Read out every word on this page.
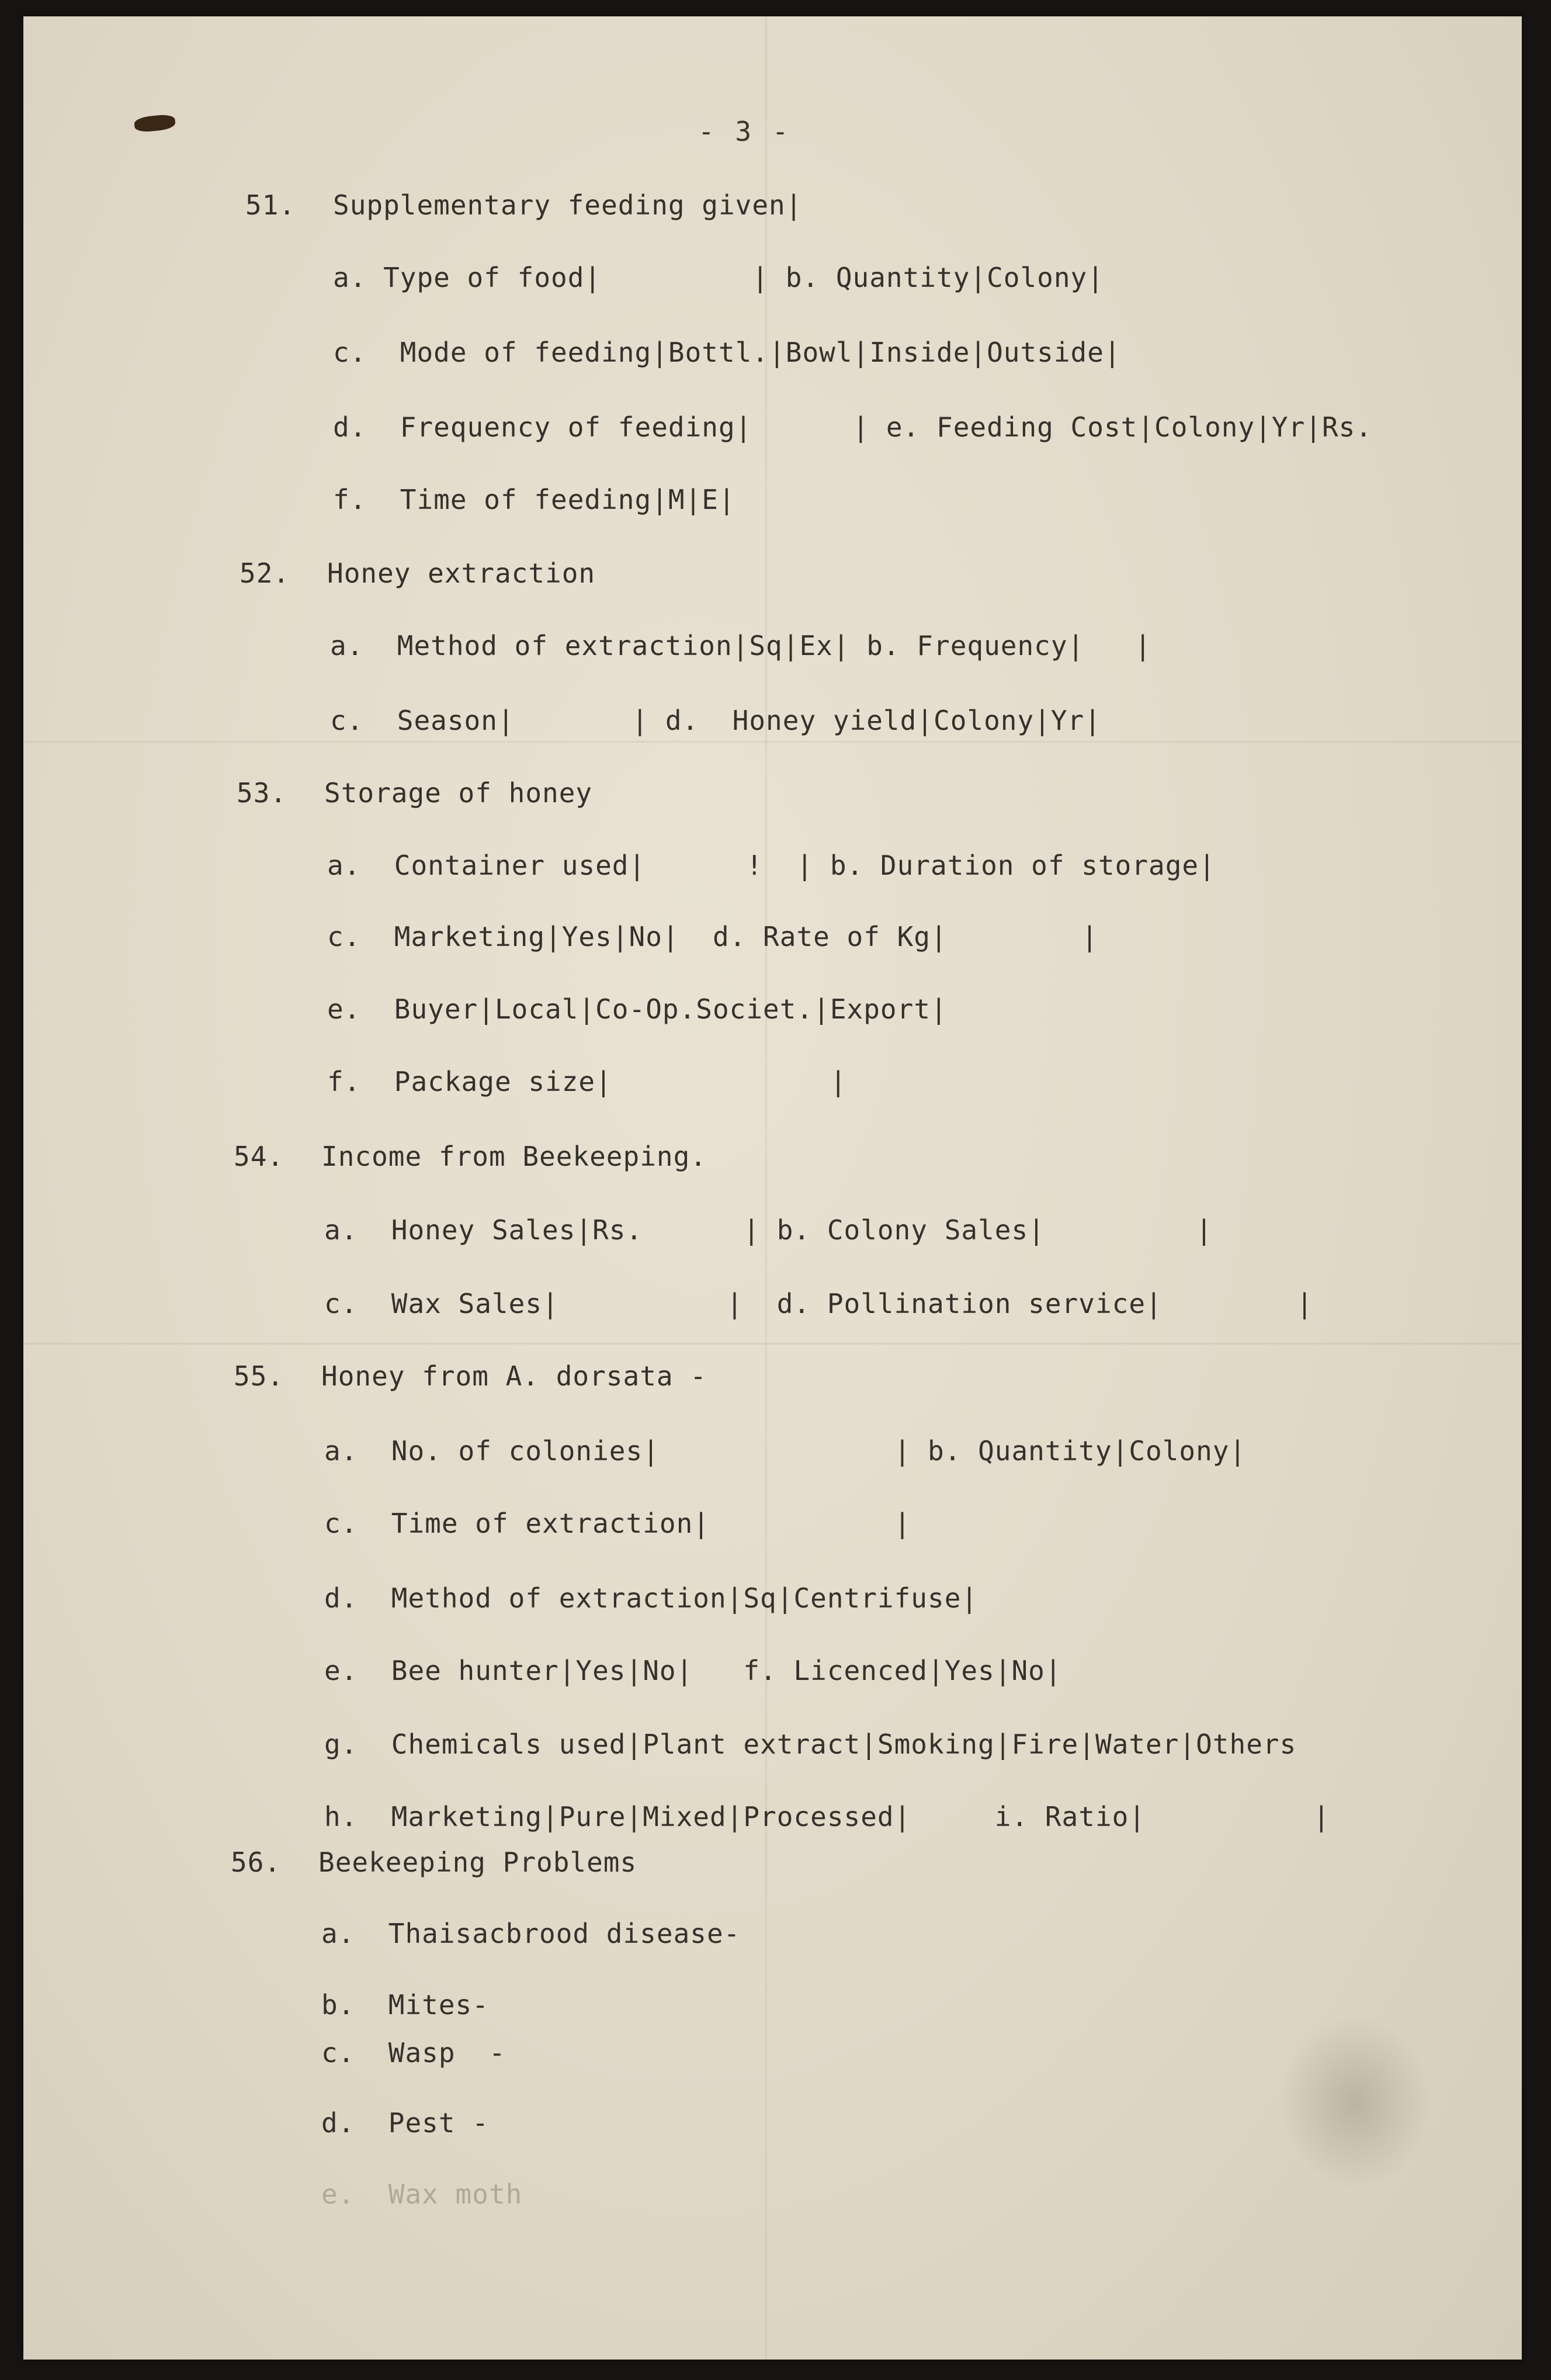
- 3 -
51. Supplementary feeding given|
a. Type of food|         | b. Quantity|Colony|
c.  Mode of feeding|Bottl.|Bowl|Inside|Outside|
d.  Frequency of feeding|      | e. Feeding Cost|Colony|Yr|Rs.
f.  Time of feeding|M|E|
52. Honey extraction
a.  Method of extraction|Sq|Ex| b. Frequency|   |
c.  Season|       | d.  Honey yield|Colony|Yr|
53. Storage of honey
a.  Container used|      !  | b. Duration of storage|
c.  Marketing|Yes|No|  d. Rate of Kg|        |
e.  Buyer|Local|Co-Op.Societ.|Export|
f.  Package size|             |
54. Income from Beekeeping.
a.  Honey Sales|Rs.      | b. Colony Sales|         |
c.  Wax Sales|          |  d. Pollination service|        |
55. Honey from A. dorsata -
a.  No. of colonies|              | b. Quantity|Colony|
c.  Time of extraction|           |
d.  Method of extraction|Sq|Centrifuse|
e.  Bee hunter|Yes|No|   f. Licenced|Yes|No|
g.  Chemicals used|Plant extract|Smoking|Fire|Water|Others
h.  Marketing|Pure|Mixed|Processed|     i. Ratio|          |
56. Beekeeping Problems
a.  Thaisacbrood disease-
b.  Mites-
c.  Wasp  -
d.  Pest -
e.  Wax moth
